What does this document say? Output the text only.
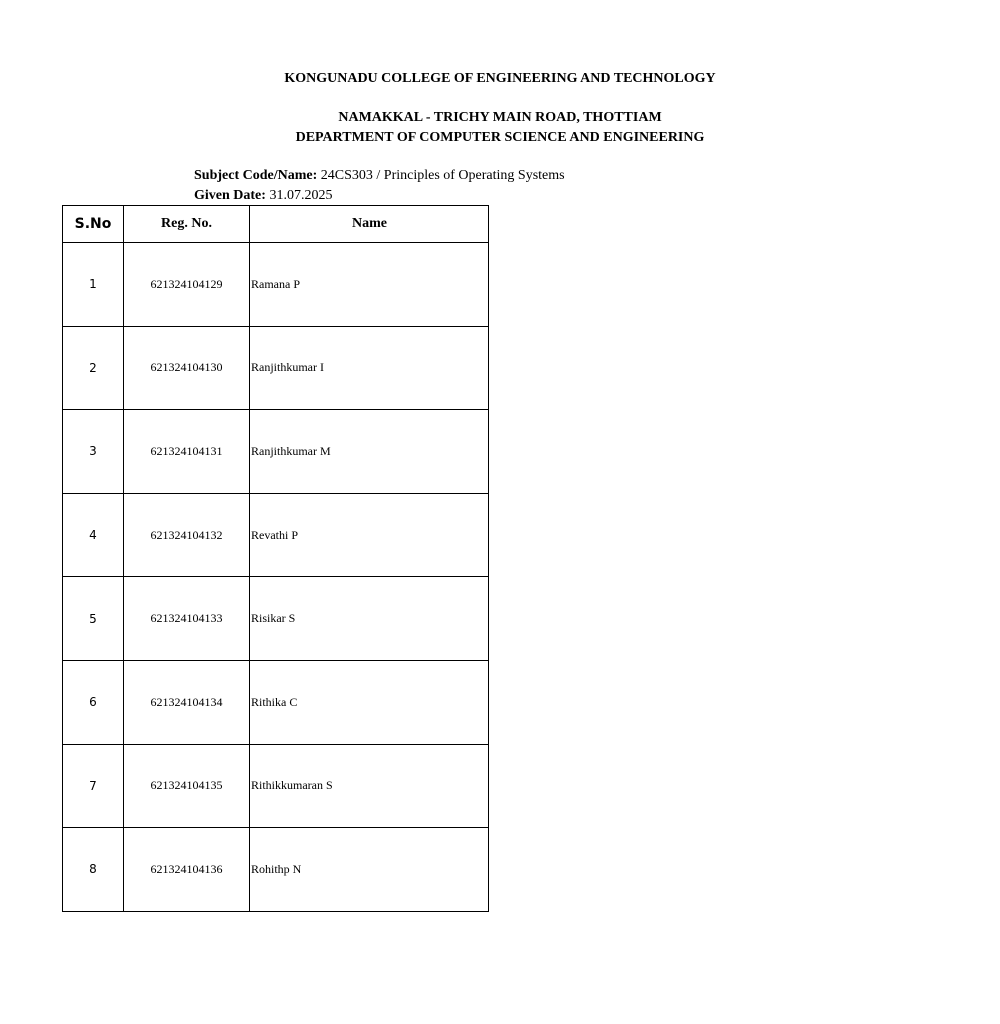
KONGUNADU COLLEGE OF ENGINEERING AND TECHNOLOGY
NAMAKKAL - TRICHY MAIN ROAD, THOTTIAM
DEPARTMENT OF COMPUTER SCIENCE AND ENGINEERING
Subject Code/Name: 24CS303 / Principles of Operating Systems
Given Date: 31.07.2025
S.No	Reg. No.	Name
1	621324104129	Ramana P
2	621324104130	Ranjithkumar I
3	621324104131	Ranjithkumar M
4	621324104132	Revathi P
5	621324104133	Risikar S
6	621324104134	Rithika C
7	621324104135	Rithikkumaran S
8	621324104136	Rohithp N
